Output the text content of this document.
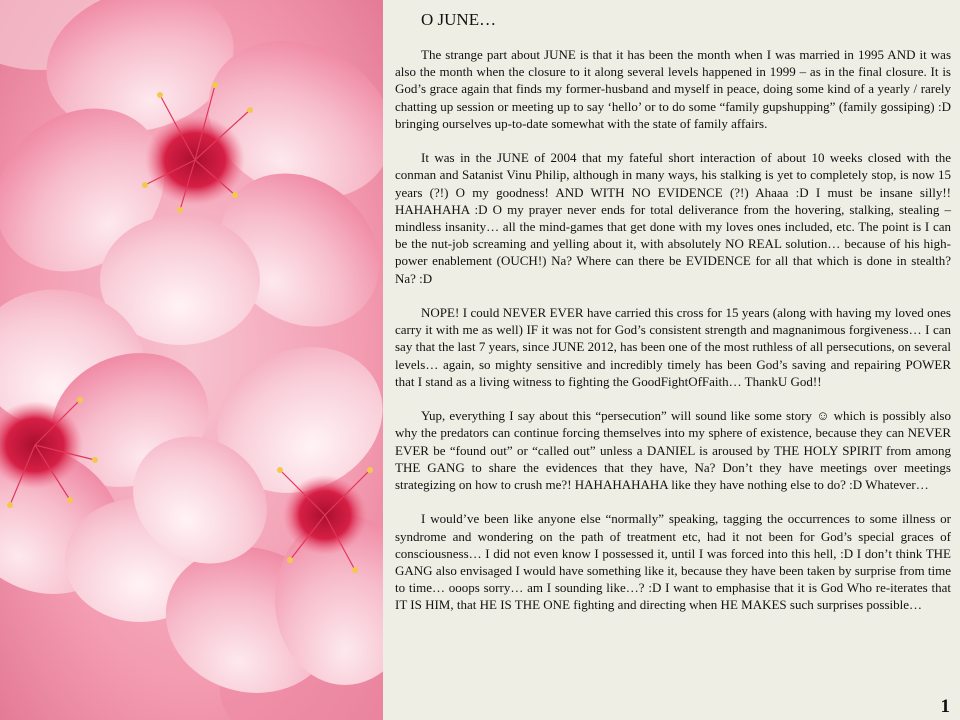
O JUNE…

The strange part about JUNE is that it has been the month when I was married in 1995 AND it was also the month when the closure to it along several levels happened in 1999 – as in the final closure. It is God’s grace again that finds my former-husband and myself in peace, doing some kind of a yearly / rarely chatting up session or meeting up to say ‘hello’ or to do some “family gupshupping” (family gossiping) :D bringing ourselves up-to-date somewhat with the state of family affairs.

It was in the JUNE of 2004 that my fateful short interaction of about 10 weeks closed with the conman and Satanist Vinu Philip, although in many ways, his stalking is yet to completely stop, is now 15 years (?!) O my goodness! AND WITH NO EVIDENCE (?!) Ahaaa :D I must be insane silly!! HAHAHAHA :D O my prayer never ends for total deliverance from the hovering, stalking, stealing – mindless insanity… all the mind-games that get done with my loves ones included, etc. The point is I can be the nut-job screaming and yelling about it, with absolutely NO REAL solution… because of his high-power enablement (OUCH!) Na? Where can there be EVIDENCE for all that which is done in stealth? Na? :D

NOPE! I could NEVER EVER have carried this cross for 15 years (along with having my loved ones carry it with me as well) IF it was not for God’s consistent strength and magnanimous forgiveness… I can say that the last 7 years, since JUNE 2012, has been one of the most ruthless of all persecutions, on several levels… again, so mighty sensitive and incredibly timely has been God’s saving and repairing POWER that I stand as a living witness to fighting the GoodFightOfFaith… ThankU God!!

Yup, everything I say about this “persecution” will sound like some story ☺ which is possibly also why the predators can continue forcing themselves into my sphere of existence, because they can NEVER EVER be “found out” or “called out” unless a DANIEL is aroused by THE HOLY SPIRIT from among THE GANG to share the evidences that they have, Na? Don’t they have meetings over meetings strategizing on how to crush me?! HAHAHAHAHA like they have nothing else to do? :D Whatever…

I would’ve been like anyone else “normally” speaking, tagging the occurrences to some illness or syndrome and wondering on the path of treatment etc, had it not been for God’s special graces of consciousness… I did not even know I possessed it, until I was forced into this hell, :D I don’t think THE GANG also envisaged I would have something like it, because they have been taken by surprise from time to time… ooops sorry… am I sounding like…? :D I want to emphasise that it is God Who re-iterates that IT IS HIM, that HE IS THE ONE fighting and directing when HE MAKES such surprises possible…

1
